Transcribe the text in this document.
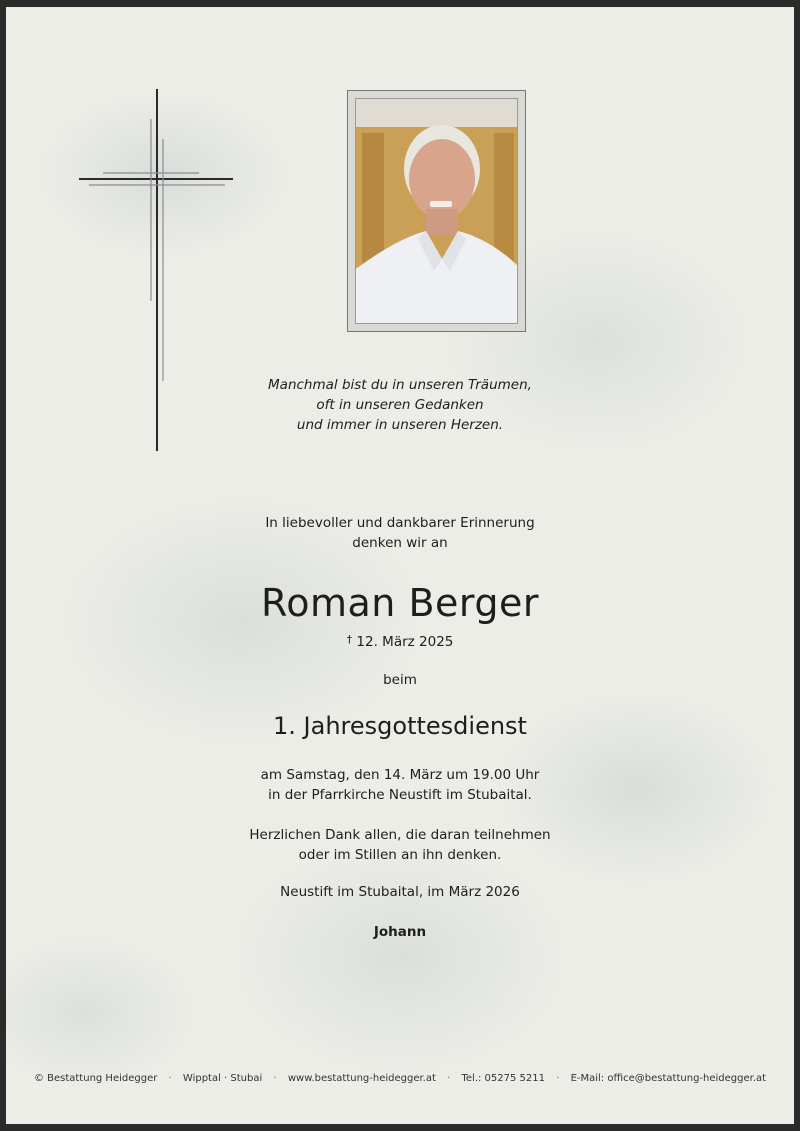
Manchmal bist du in unseren Träumen,
oft in unseren Gedanken
und immer in unseren Herzen.
In liebevoller und dankbarer Erinnerung
denken wir an
Roman Berger
† 12. März 2025
beim
1. Jahresgottesdienst
am Samstag, den 14. März um 19.00 Uhr
in der Pfarrkirche Neustift im Stubaital.
Herzlichen Dank allen, die daran teilnehmen
oder im Stillen an ihn denken.
Neustift im Stubaital, im März 2026
Johann
© Bestattung Heidegger · Wipptal · Stubai · www.bestattung-heidegger.at · Tel.: 05275 5211 · E-Mail: office@bestattung-heidegger.at
